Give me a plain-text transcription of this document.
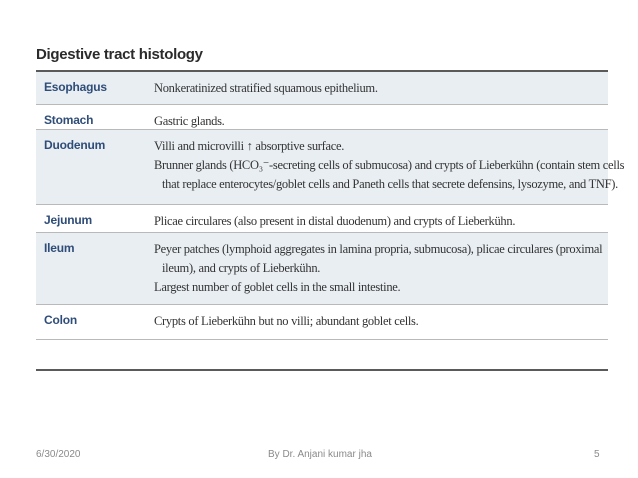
Digestive tract histology
Esophagus	Nonkeratinized stratified squamous epithelium.
Stomach	Gastric glands.
Duodenum	Villi and microvilli ↑ absorptive surface.
Brunner glands (HCO₃⁻-secreting cells of submucosa) and crypts of Lieberkühn (contain stem cells
that replace enterocytes/goblet cells and Paneth cells that secrete defensins, lysozyme, and TNF).
Jejunum	Plicae circulares (also present in distal duodenum) and crypts of Lieberkühn.
Ileum	Peyer patches (lymphoid aggregates in lamina propria, submucosa), plicae circulares (proximal
ileum), and crypts of Lieberkühn.
Largest number of goblet cells in the small intestine.
Colon	Crypts of Lieberkühn but no villi; abundant goblet cells.
6/30/2020	By Dr. Anjani kumar jha	5
